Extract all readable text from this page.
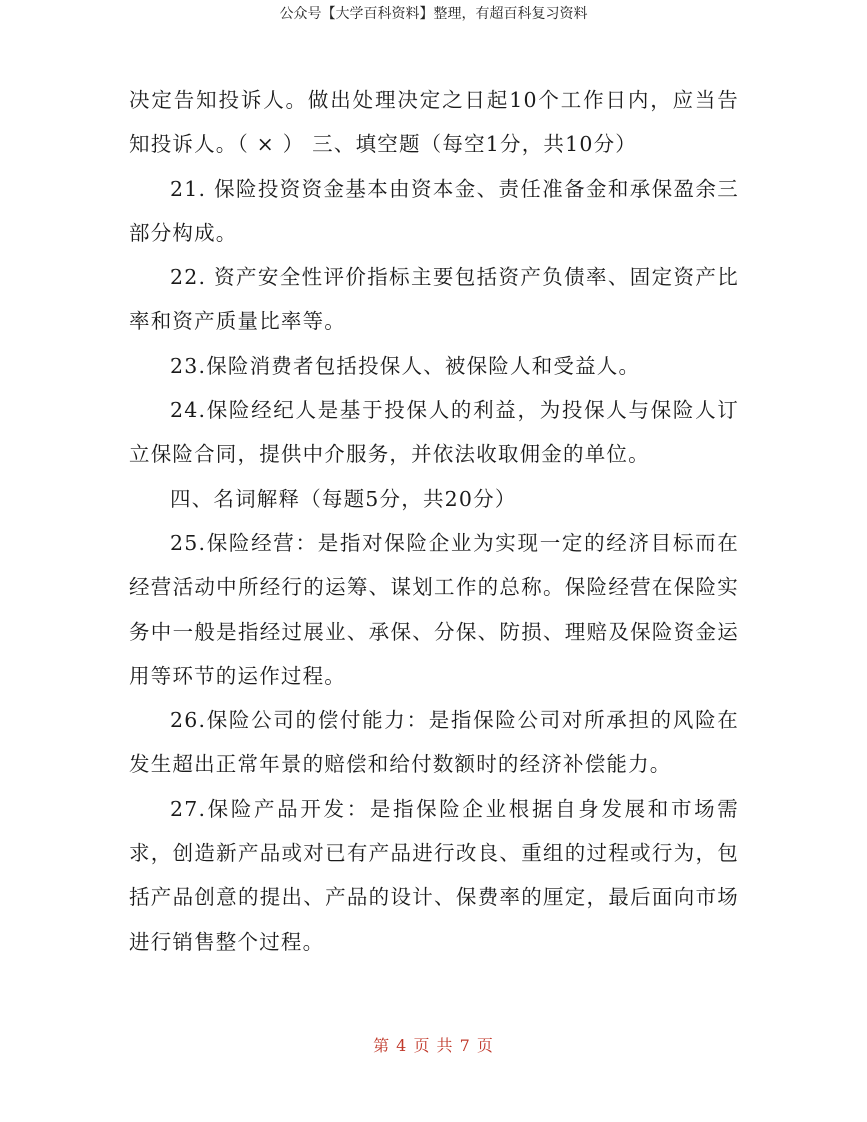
公众号【大学百科资料】整理，有超百科复习资料

决定告知投诉人。做出处理决定之日起10个工作日内，应当告知投诉人。（ × ） 三、填空题（每空1分，共10分）

21. 保险投资资金基本由资本金、责任准备金和承保盈余三部分构成。

22. 资产安全性评价指标主要包括资产负债率、固定资产比率和资产质量比率等。

23.保险消费者包括投保人、被保险人和受益人。

24.保险经纪人是基于投保人的利益，为投保人与保险人订立保险合同，提供中介服务，并依法收取佣金的单位。

四、名词解释（每题5分，共20分）

25.保险经营：是指对保险企业为实现一定的经济目标而在经营活动中所经行的运筹、谋划工作的总称。保险经营在保险实务中一般是指经过展业、承保、分保、防损、理赔及保险资金运用等环节的运作过程。

26.保险公司的偿付能力：是指保险公司对所承担的风险在发生超出正常年景的赔偿和给付数额时的经济补偿能力。

27.保险产品开发：是指保险企业根据自身发展和市场需求，创造新产品或对已有产品进行改良、重组的过程或行为，包括产品创意的提出、产品的设计、保费率的厘定，最后面向市场进行销售整个过程。

第 4 页 共 7 页
